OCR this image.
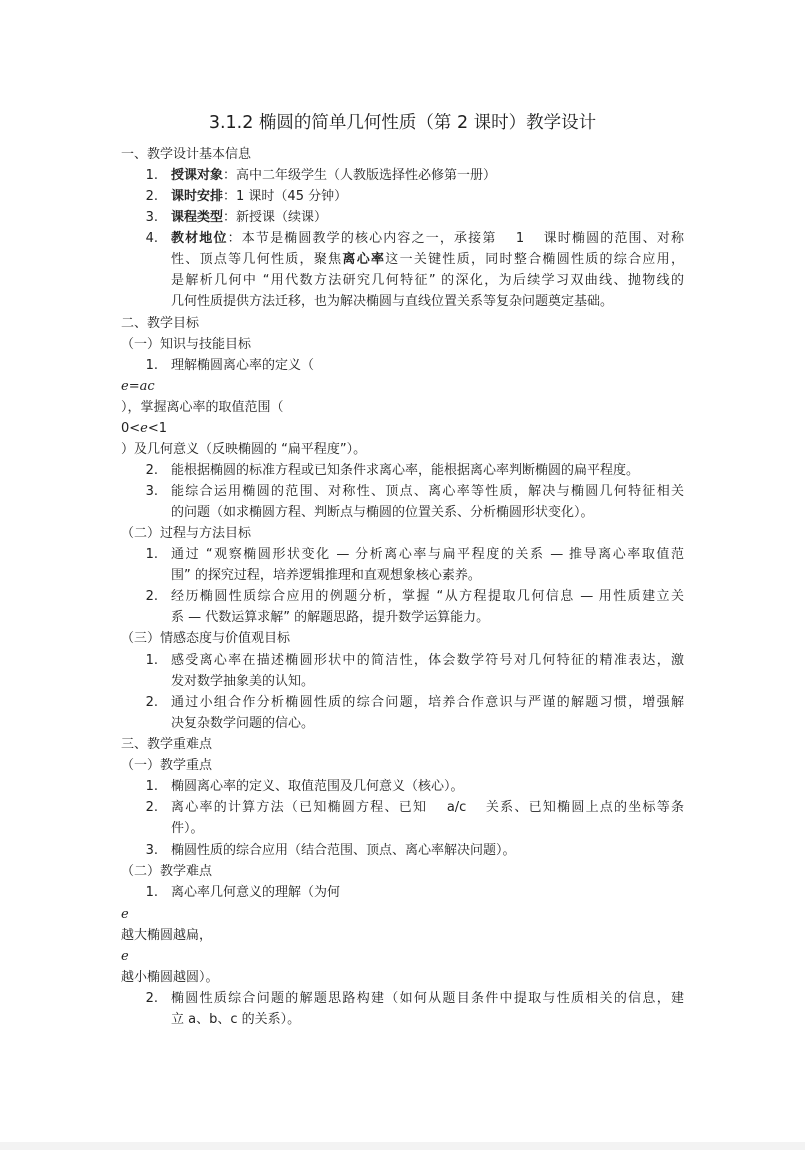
3.1.2 椭圆的简单几何性质（第 2 课时）教学设计
一、教学设计基本信息
1. 授课对象：高中二年级学生（人教版选择性必修第一册）
2. 课时安排：1 课时（45 分钟）
3. 课程类型：新授课（续课）
4. 教材地位：本节是椭圆教学的核心内容之一，承接第 　1 　课时椭圆的范围、对称
性、顶点等几何性质，聚焦离心率这一关键性质，同时整合椭圆性质的综合应用，
是解析几何中 “用代数方法研究几何特征” 的深化，为后续学习双曲线、抛物线的
几何性质提供方法迁移，也为解决椭圆与直线位置关系等复杂问题奠定基础。
二、教学目标
（一）知识与技能目标
1. 理解椭圆离心率的定义（
e=ac
），掌握离心率的取值范围（
0<e<1
）及几何意义（反映椭圆的 “扁平程度”）。
2. 能根据椭圆的标准方程或已知条件求离心率，能根据离心率判断椭圆的扁平程度。
3. 能综合运用椭圆的范围、对称性、顶点、离心率等性质，解决与椭圆几何特征相关
的问题（如求椭圆方程、判断点与椭圆的位置关系、分析椭圆形状变化）。
（二）过程与方法目标
1. 通过 “观察椭圆形状变化 — 分析离心率与扁平程度的关系 — 推导离心率取值范
围” 的探究过程，培养逻辑推理和直观想象核心素养。
2. 经历椭圆性质综合应用的例题分析，掌握 “从方程提取几何信息 — 用性质建立关
系 — 代数运算求解” 的解题思路，提升数学运算能力。
（三）情感态度与价值观目标
1. 感受离心率在描述椭圆形状中的简洁性，体会数学符号对几何特征的精准表达，激
发对数学抽象美的认知。
2. 通过小组合作分析椭圆性质的综合问题，培养合作意识与严谨的解题习惯，增强解
决复杂数学问题的信心。
三、教学重难点
（一）教学重点
1. 椭圆离心率的定义、取值范围及几何意义（核心）。
2. 离心率的计算方法（已知椭圆方程、已知 　a/c 　关系、已知椭圆上点的坐标等条
件）。
3. 椭圆性质的综合应用（结合范围、顶点、离心率解决问题）。
（二）教学难点
1. 离心率几何意义的理解（为何
e
越大椭圆越扁，
e
越小椭圆越圆）。
2. 椭圆性质综合问题的解题思路构建（如何从题目条件中提取与性质相关的信息，建
立 a、b、c 的关系）。
